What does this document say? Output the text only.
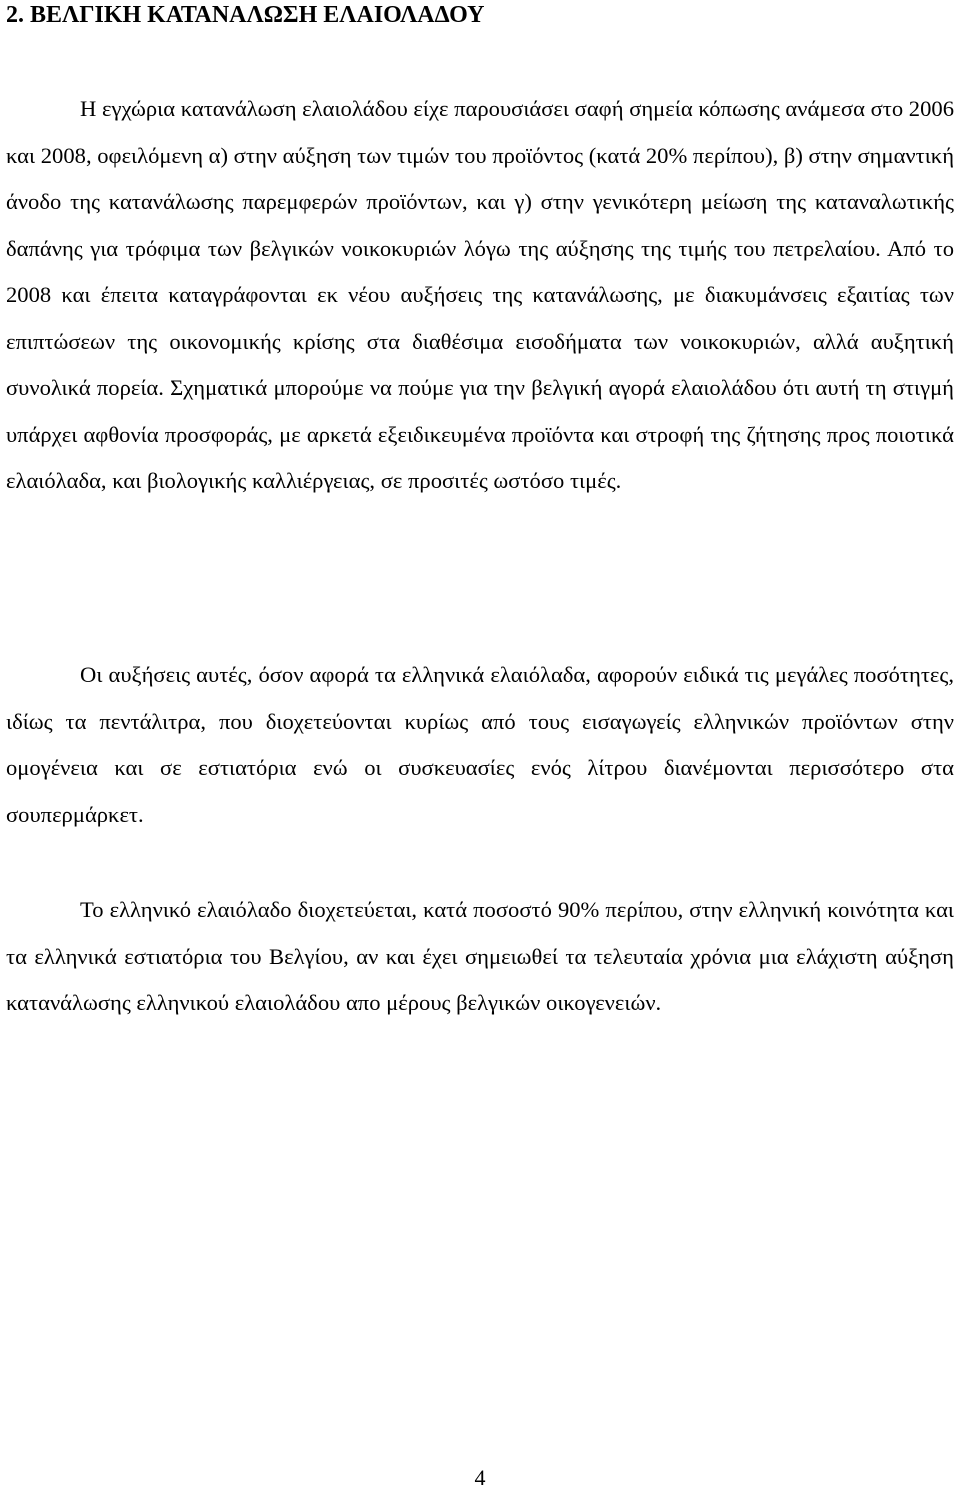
2. ΒΕΛΓΙΚΗ ΚΑΤΑΝΑΛΩΣΗ ΕΛΑΙΟΛΑΔΟΥ

Η εγχώρια κατανάλωση ελαιολάδου είχε παρουσιάσει σαφή σημεία κόπωσης ανάμεσα στο 2006 και 2008, οφειλόμενη α) στην αύξηση των τιμών του προϊόντος (κατά 20% περίπου), β) στην σημαντική άνοδο της κατανάλωσης παρεμφερών προϊόντων, και γ) στην γενικότερη μείωση της καταναλωτικής δαπάνης για τρόφιμα των βελγικών νοικοκυριών λόγω της αύξησης της τιμής του πετρελαίου. Από το 2008 και έπειτα καταγράφονται εκ νέου αυξήσεις της κατανάλωσης, με διακυμάνσεις εξαιτίας των επιπτώσεων της οικονομικής κρίσης στα διαθέσιμα εισοδήματα των νοικοκυριών, αλλά αυξητική συνολικά πορεία. Σχηματικά μπορούμε να πούμε για την βελγική αγορά ελαιολάδου ότι αυτή τη στιγμή υπάρχει αφθονία προσφοράς, με αρκετά εξειδικευμένα προϊόντα και στροφή της ζήτησης προς ποιοτικά ελαιόλαδα, και βιολογικής καλλιέργειας, σε προσιτές ωστόσο τιμές.

Οι αυξήσεις αυτές, όσον αφορά τα ελληνικά ελαιόλαδα, αφορούν ειδικά τις μεγάλες ποσότητες, ιδίως τα πεντάλιτρα, που διοχετεύονται κυρίως από τους εισαγωγείς ελληνικών προϊόντων στην ομογένεια και σε εστιατόρια ενώ οι συσκευασίες ενός λίτρου διανέμονται περισσότερο στα σουπερμάρκετ.

Το ελληνικό ελαιόλαδο διοχετεύεται, κατά ποσοστό 90% περίπου, στην ελληνική κοινότητα και τα ελληνικά εστιατόρια του Βελγίου, αν και έχει σημειωθεί τα τελευταία χρόνια μια ελάχιστη αύξηση κατανάλωσης ελληνικού ελαιολάδου απο μέρους βελγικών οικογενειών.

4
